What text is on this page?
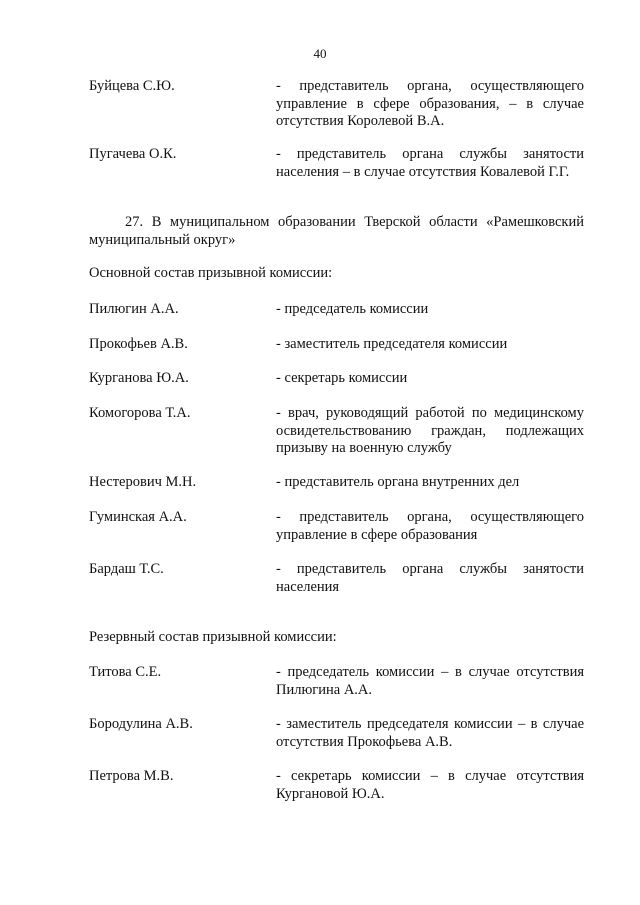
40
Буйцева С.Ю.	- представитель органа, осуществляющего управление в сфере образования, – в случае отсутствия Королевой В.А.
Пугачева О.К.	- представитель органа службы занятости населения – в случае отсутствия Ковалевой Г.Г.
27. В муниципальном образовании Тверской области «Рамешковский муниципальный округ»
Основной состав призывной комиссии:
Пилюгин А.А.	- председатель комиссии
Прокофьев А.В.	- заместитель председателя комиссии
Курганова Ю.А.	- секретарь комиссии
Комогорова Т.А.	- врач, руководящий работой по медицинскому освидетельствованию граждан, подлежащих призыву на военную службу
Нестерович М.Н.	- представитель органа внутренних дел
Гуминская А.А.	- представитель органа, осуществляющего управление в сфере образования
Бардаш Т.С.	- представитель органа службы занятости населения
Резервный состав призывной комиссии:
Титова С.Е.	- председатель комиссии – в случае отсутствия Пилюгина А.А.
Бородулина А.В.	- заместитель председателя комиссии – в случае отсутствия Прокофьева А.В.
Петрова М.В.	- секретарь комиссии – в случае отсутствия Кургановой Ю.А.
